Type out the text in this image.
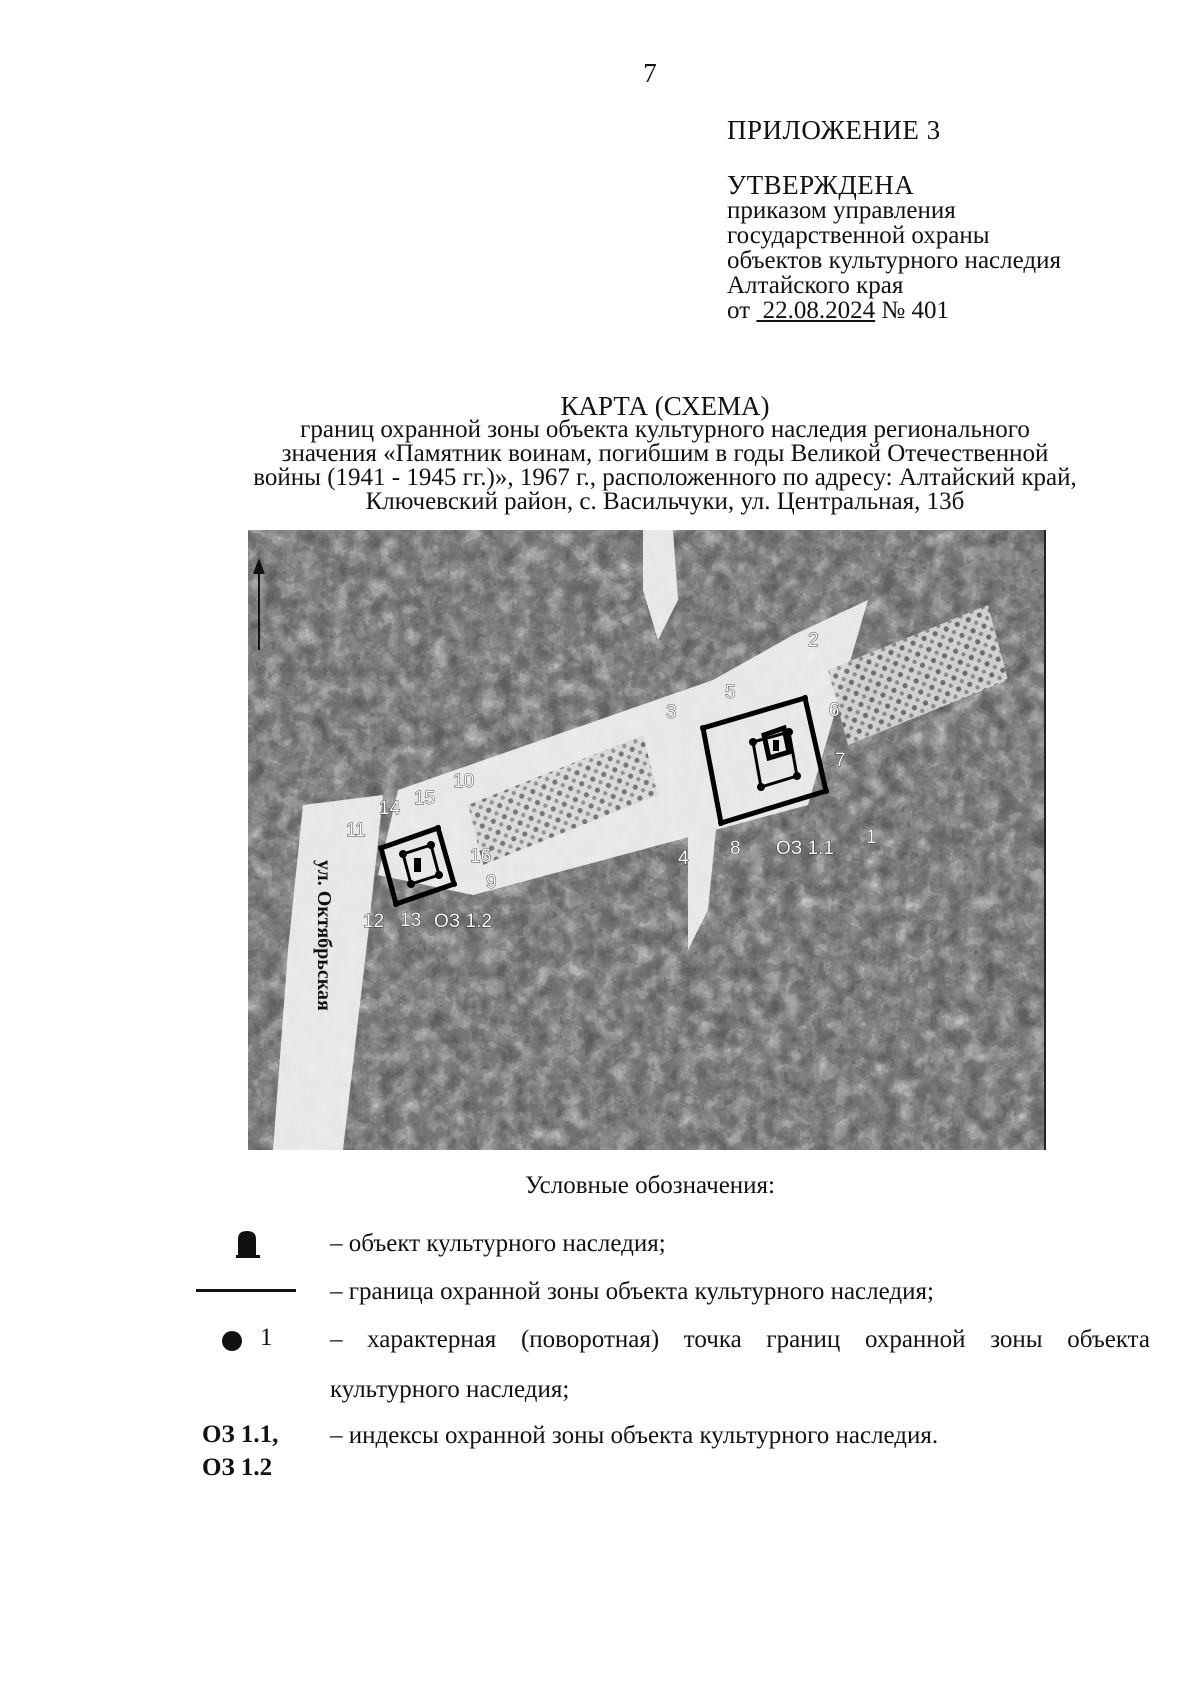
7
ПРИЛОЖЕНИЕ 3
УТВЕРЖДЕНА
приказом управления
государственной охраны
объектов культурного наследия
Алтайского края
от 22.08.2024 № 401
КАРТА (СХЕМА)
границ охранной зоны объекта культурного наследия регионального
значения «Памятник воинам, погибшим в годы Великой Отечественной
войны (1941 - 1945 гг.)», 1967 г., расположенного по адресу: Алтайский край,
Ключевский район, с. Васильчуки, ул. Центральная, 13б
1
2
3
4
5
6
7
8
9
10
11
12 13
14 15
16	ОЗ 1.1
ОЗ 1.2
ул. Октябрьская
Условные обозначения:
– объект культурного наследия;
– граница охранной зоны объекта культурного наследия;
1 – характерная (поворотная) точка границ охранной зоны объекта
культурного наследия;
ОЗ 1.1,
ОЗ 1.2
– индексы охранной зоны объекта культурного наследия.
